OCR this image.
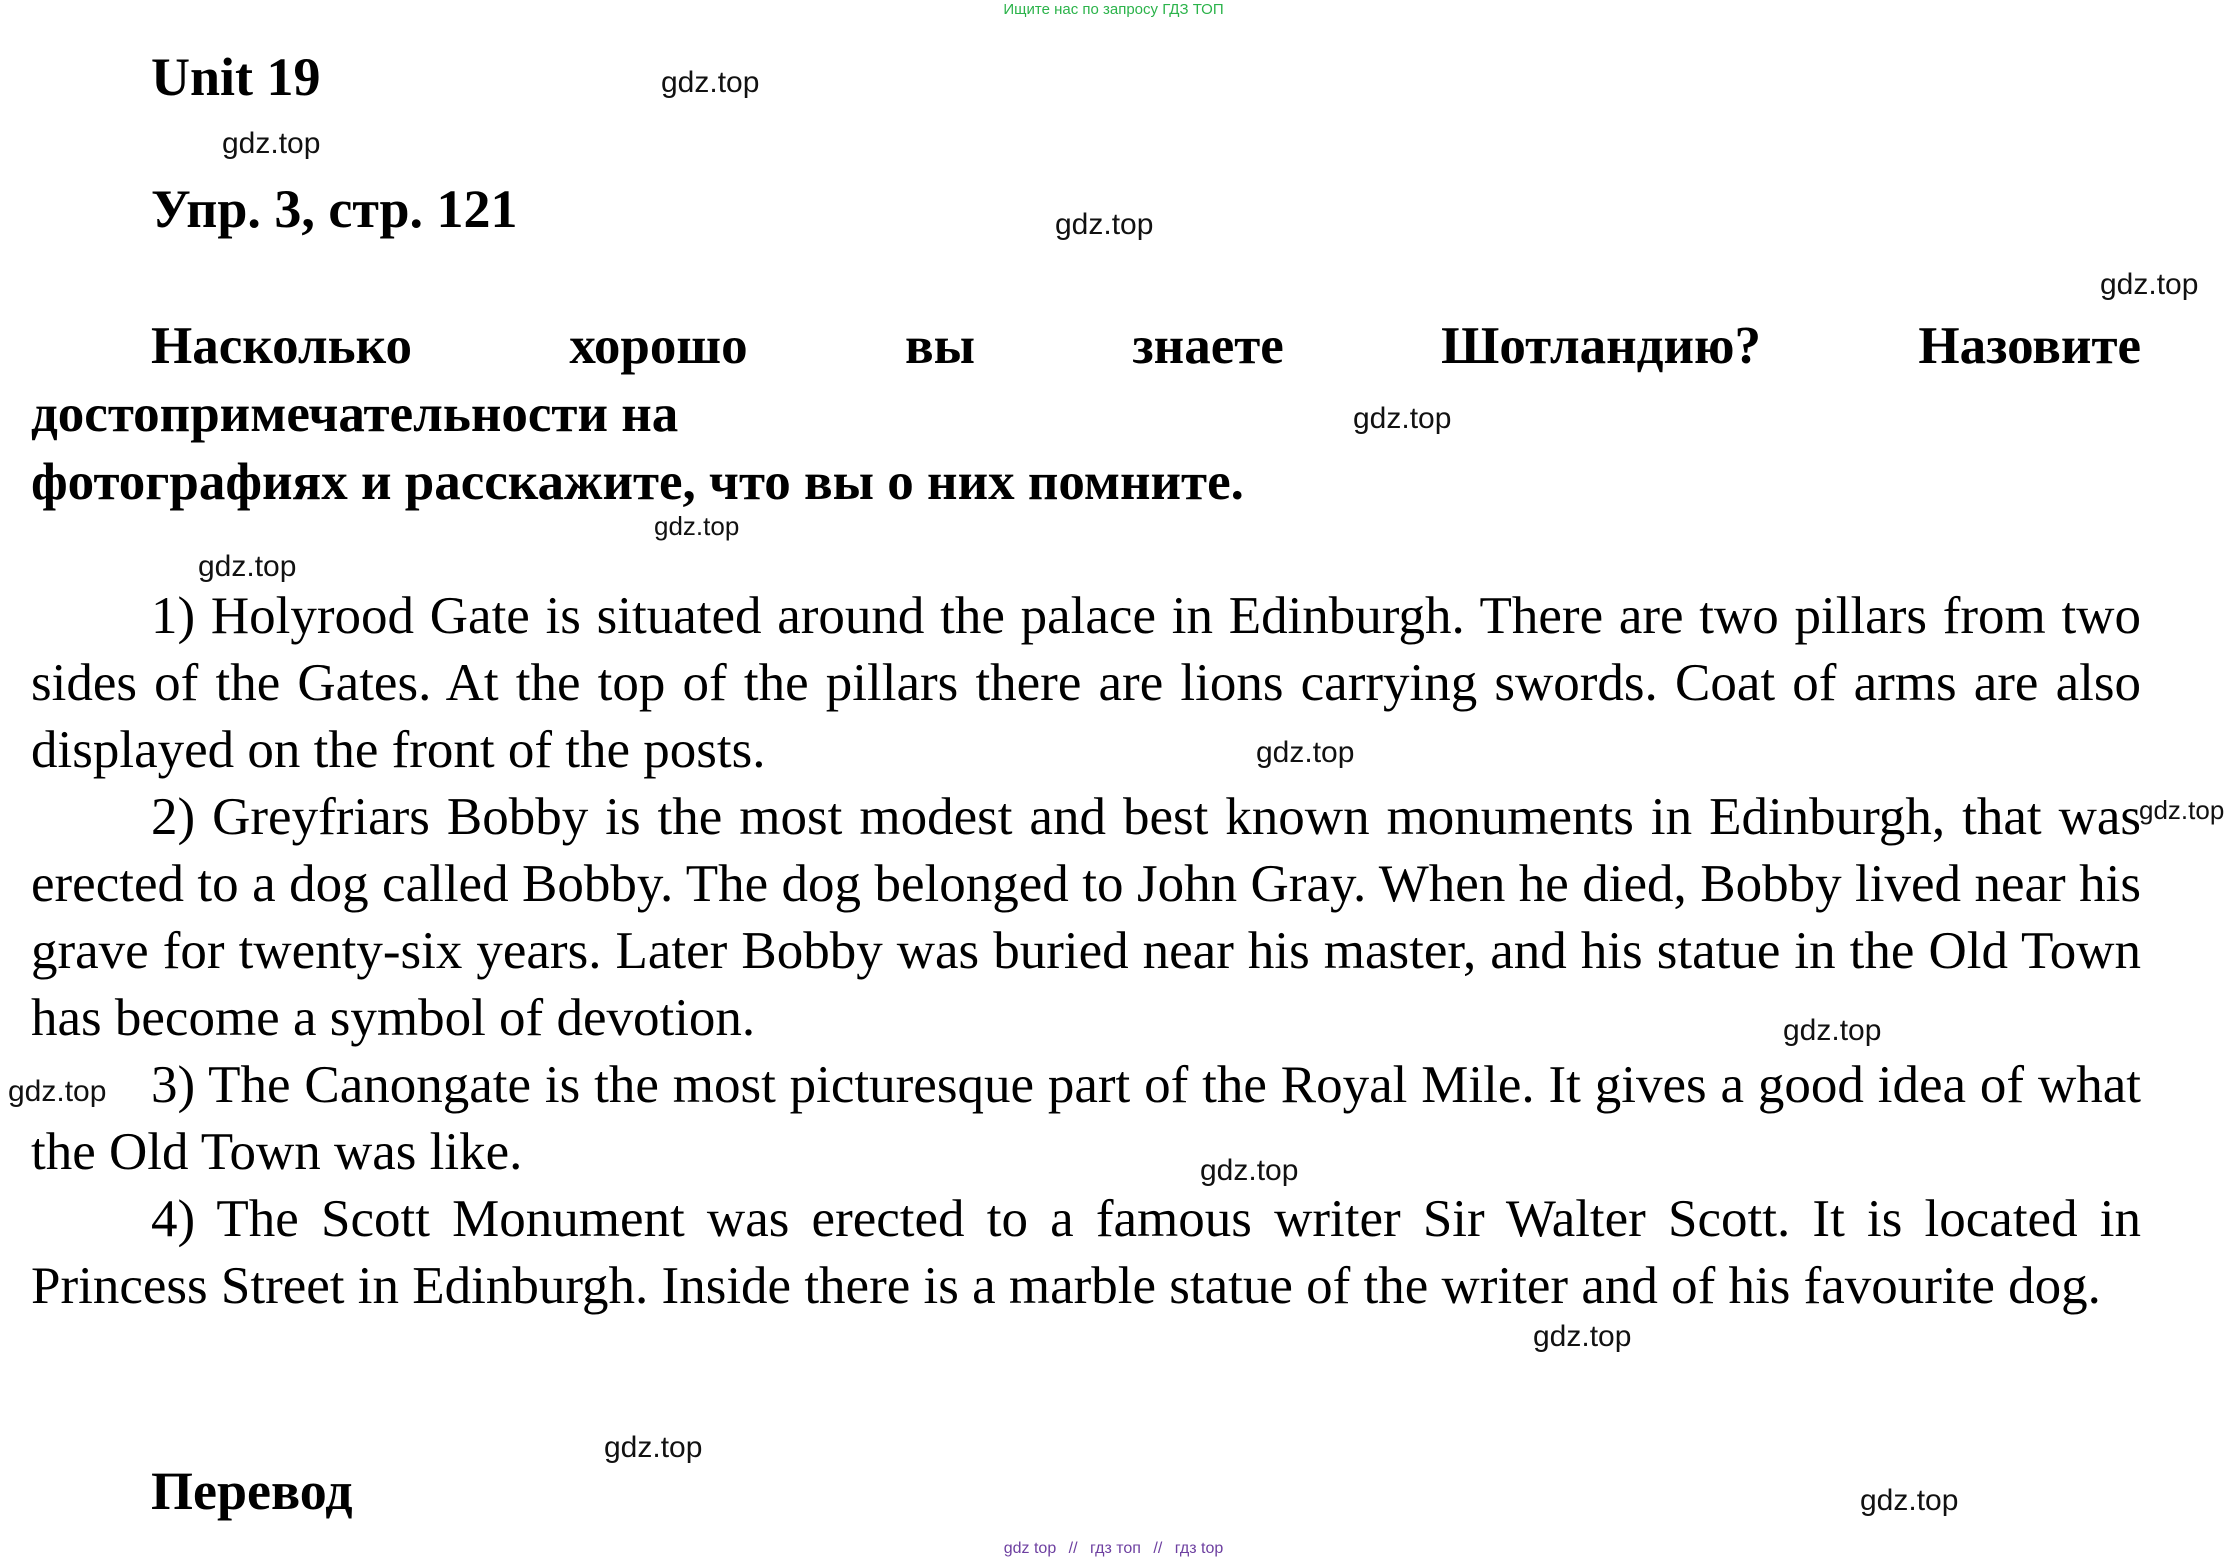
Ищите нас по запросу ГДЗ ТОП
Unit 19
Упр. 3, стр. 121
Насколько хорошо вы знаете Шотландию? Назовите
достопримечательности на
фотографиях и расскажите, что вы о них помните.

1) Holyrood Gate is situated around the palace in Edinburgh. There are two pillars from two sides of the Gates. At the top of the pillars there are lions carrying swords. Coat of arms are also displayed on the front of the posts.

2) Greyfriars Bobby is the most modest and best known monuments in Edinburgh, that was erected to a dog called Bobby. The dog belonged to John Gray. When he died, Bobby lived near his grave for twenty-six years. Later Bobby was buried near his master, and his statue in the Old Town has become a symbol of devotion.

3) The Canongate is the most picturesque part of the Royal Mile. It gives a good idea of what the Old Town was like.

4) The Scott Monument was erected to a famous writer Sir Walter Scott. It is located in Princess Street in Edinburgh. Inside there is a marble statue of the writer and of his favourite dog.

Перевод
gdz.top
gdz.top
gdz.top
gdz.top
gdz.top
gdz.top
gdz.top
gdz.top
gdz.top
gdz.top
gdz.top
gdz.top
gdz.top
gdz.top
gdz.top
gdz top // гдз топ // гдз top
